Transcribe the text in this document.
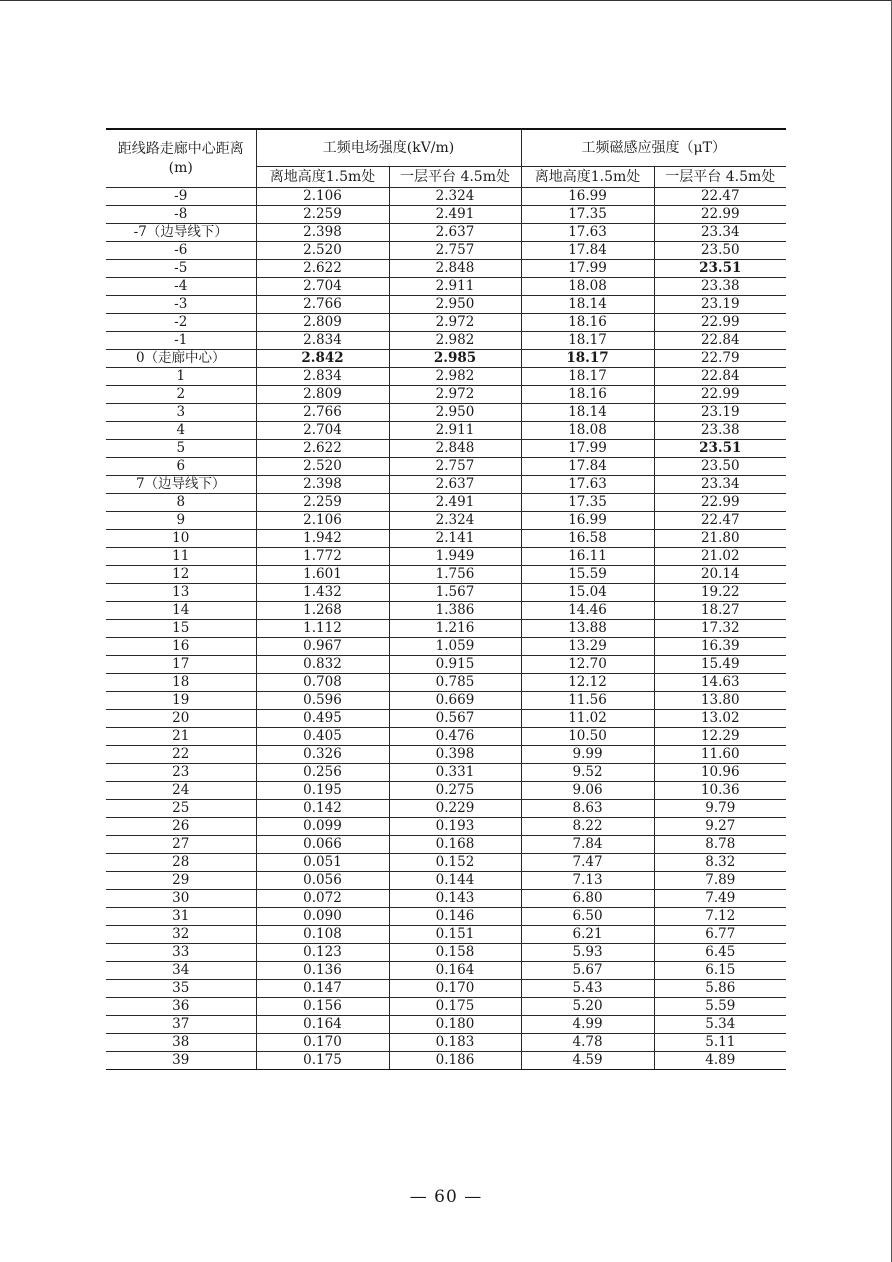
距线路走廊中心距离(m)	工频电场强度(kV/m)		工频磁感应强度（μT）	
	离地高度1.5m处	一层平台 4.5m处	离地高度1.5m处	一层平台 4.5m处
-9	2.106	2.324	16.99	22.47
-8	2.259	2.491	17.35	22.99
-7（边导线下）	2.398	2.637	17.63	23.34
-6	2.520	2.757	17.84	23.50
-5	2.622	2.848	17.99	23.51
-4	2.704	2.911	18.08	23.38
-3	2.766	2.950	18.14	23.19
-2	2.809	2.972	18.16	22.99
-1	2.834	2.982	18.17	22.84
0（走廊中心）	2.842	2.985	18.17	22.79
1	2.834	2.982	18.17	22.84
2	2.809	2.972	18.16	22.99
3	2.766	2.950	18.14	23.19
4	2.704	2.911	18.08	23.38
5	2.622	2.848	17.99	23.51
6	2.520	2.757	17.84	23.50
7（边导线下）	2.398	2.637	17.63	23.34
8	2.259	2.491	17.35	22.99
9	2.106	2.324	16.99	22.47
10	1.942	2.141	16.58	21.80
11	1.772	1.949	16.11	21.02
12	1.601	1.756	15.59	20.14
13	1.432	1.567	15.04	19.22
14	1.268	1.386	14.46	18.27
15	1.112	1.216	13.88	17.32
16	0.967	1.059	13.29	16.39
17	0.832	0.915	12.70	15.49
18	0.708	0.785	12.12	14.63
19	0.596	0.669	11.56	13.80
20	0.495	0.567	11.02	13.02
21	0.405	0.476	10.50	12.29
22	0.326	0.398	9.99	11.60
23	0.256	0.331	9.52	10.96
24	0.195	0.275	9.06	10.36
25	0.142	0.229	8.63	9.79
26	0.099	0.193	8.22	9.27
27	0.066	0.168	7.84	8.78
28	0.051	0.152	7.47	8.32
29	0.056	0.144	7.13	7.89
30	0.072	0.143	6.80	7.49
31	0.090	0.146	6.50	7.12
32	0.108	0.151	6.21	6.77
33	0.123	0.158	5.93	6.45
34	0.136	0.164	5.67	6.15
35	0.147	0.170	5.43	5.86
36	0.156	0.175	5.20	5.59
37	0.164	0.180	4.99	5.34
38	0.170	0.183	4.78	5.11
39	0.175	0.186	4.59	4.89
— 60 —
